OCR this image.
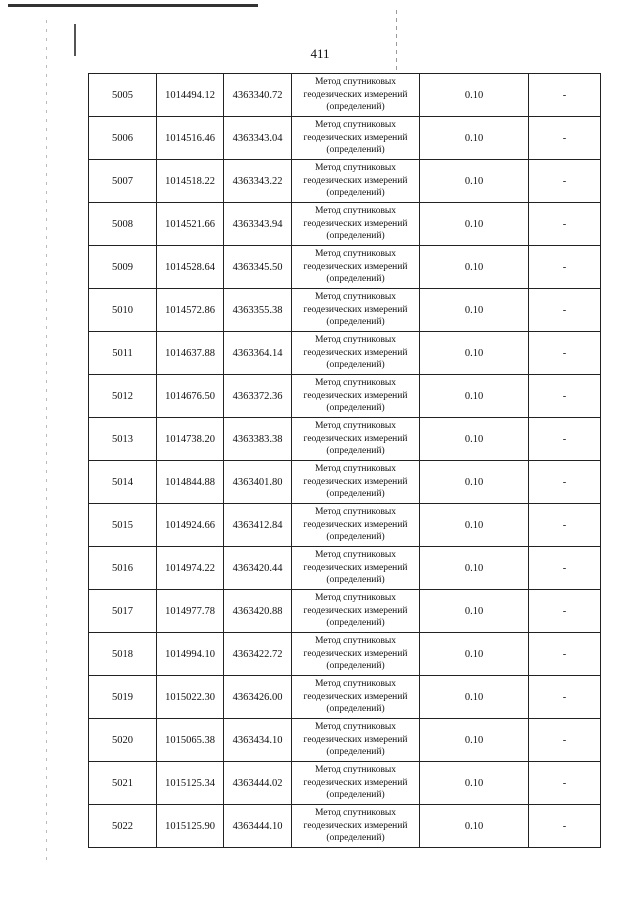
411
5005	1014494.12	4363340.72	Метод спутниковых
геодезических измерений
(определений)	0.10	-
5006	1014516.46	4363343.04	Метод спутниковых
геодезических измерений
(определений)	0.10	-
5007	1014518.22	4363343.22	Метод спутниковых
геодезических измерений
(определений)	0.10	-
5008	1014521.66	4363343.94	Метод спутниковых
геодезических измерений
(определений)	0.10	-
5009	1014528.64	4363345.50	Метод спутниковых
геодезических измерений
(определений)	0.10	-
5010	1014572.86	4363355.38	Метод спутниковых
геодезических измерений
(определений)	0.10	-
5011	1014637.88	4363364.14	Метод спутниковых
геодезических измерений
(определений)	0.10	-
5012	1014676.50	4363372.36	Метод спутниковых
геодезических измерений
(определений)	0.10	-
5013	1014738.20	4363383.38	Метод спутниковых
геодезических измерений
(определений)	0.10	-
5014	1014844.88	4363401.80	Метод спутниковых
геодезических измерений
(определений)	0.10	-
5015	1014924.66	4363412.84	Метод спутниковых
геодезических измерений
(определений)	0.10	-
5016	1014974.22	4363420.44	Метод спутниковых
геодезических измерений
(определений)	0.10	-
5017	1014977.78	4363420.88	Метод спутниковых
геодезических измерений
(определений)	0.10	-
5018	1014994.10	4363422.72	Метод спутниковых
геодезических измерений
(определений)	0.10	-
5019	1015022.30	4363426.00	Метод спутниковых
геодезических измерений
(определений)	0.10	-
5020	1015065.38	4363434.10	Метод спутниковых
геодезических измерений
(определений)	0.10	-
5021	1015125.34	4363444.02	Метод спутниковых
геодезических измерений
(определений)	0.10	-
5022	1015125.90	4363444.10	Метод спутниковых
геодезических измерений
(определений)	0.10	-
